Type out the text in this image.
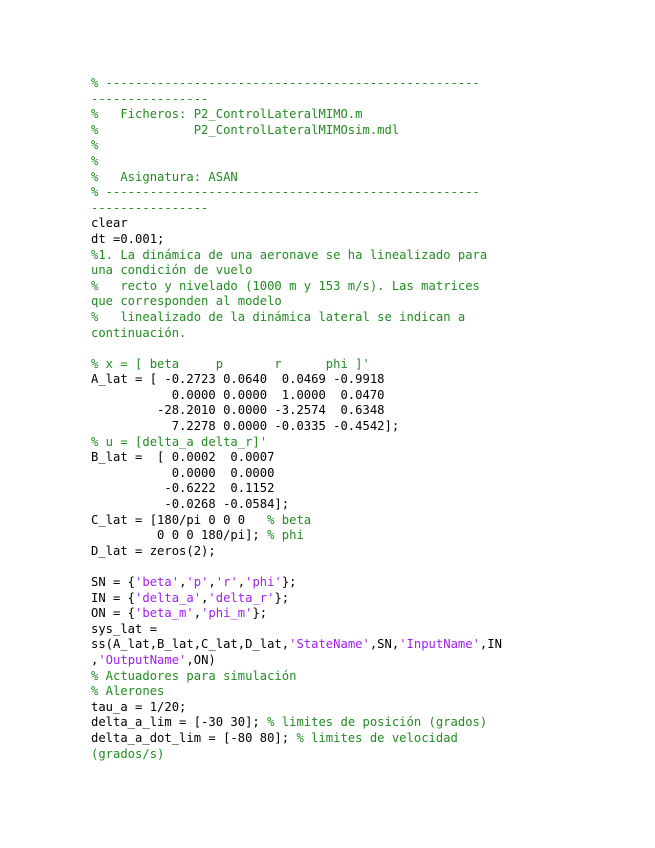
% ---------------------------------------------------
----------------
%   Ficheros: P2_ControlLateralMIMO.m
%             P2_ControlLateralMIMOsim.mdl
%
%
%   Asignatura: ASAN
% ---------------------------------------------------
----------------
clear
dt =0.001;
%1. La dinámica de una aeronave se ha linealizado para
una condición de vuelo
%   recto y nivelado (1000 m y 153 m/s). Las matrices
que corresponden al modelo
%   linealizado de la dinámica lateral se indican a
continuación.
% x = [ beta     p       r      phi ]'
A_lat = [ -0.2723 0.0640  0.0469 -0.9918
0.0000 0.0000  1.0000  0.0470
-28.2010 0.0000 -3.2574  0.6348
7.2278 0.0000 -0.0335 -0.4542];
% u = [delta_a delta_r]'
B_lat =  [ 0.0002  0.0007
0.0000  0.0000
-0.6222  0.1152
-0.0268 -0.0584];
C_lat = [180/pi 0 0 0   % beta
0 0 0 180/pi]; % phi
D_lat = zeros(2);
SN = {'beta','p','r','phi'};
IN = {'delta_a','delta_r'};
ON = {'beta_m','phi_m'};
sys_lat =
ss(A_lat,B_lat,C_lat,D_lat,'StateName',SN,'InputName',IN
,'OutputName',ON)
% Actuadores para simulación
% Alerones
tau_a = 1/20;
delta_a_lim = [-30 30]; % limites de posición (grados)
delta_a_dot_lim = [-80 80]; % limites de velocidad
(grados/s)
